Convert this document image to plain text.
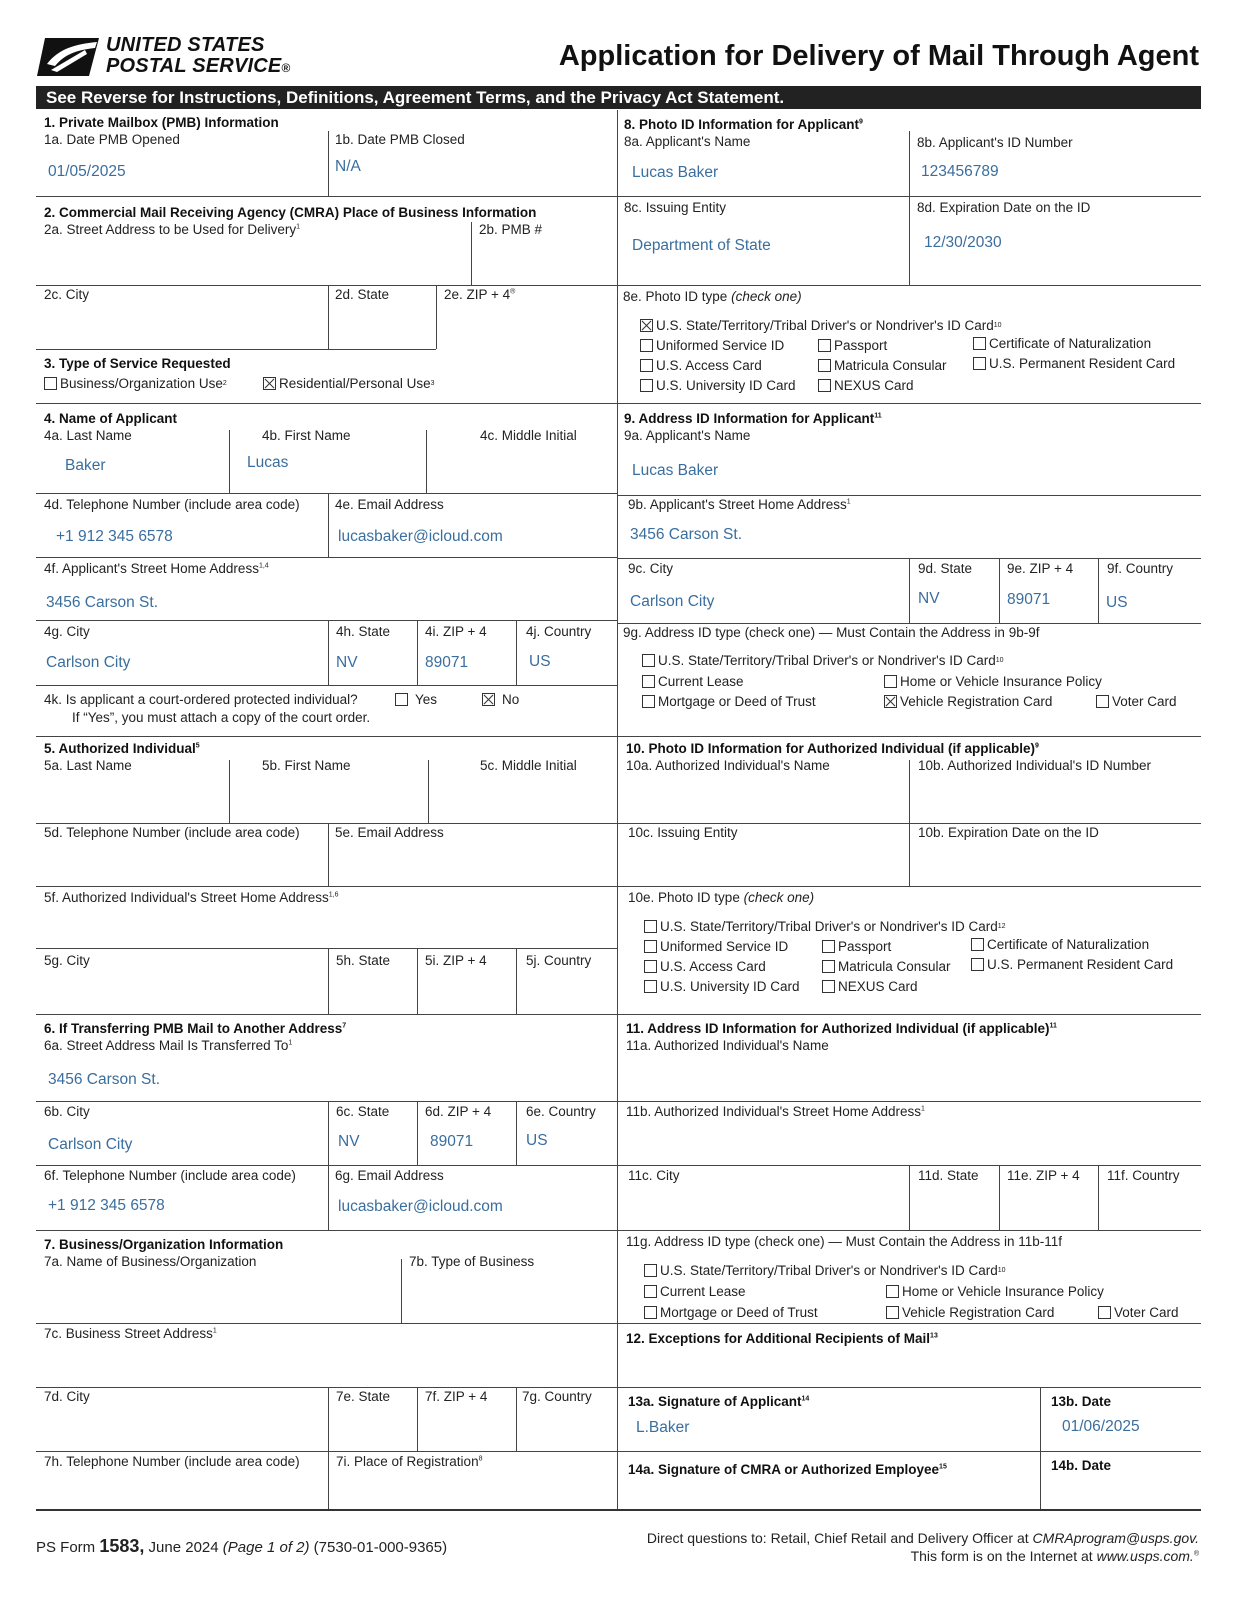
UNITED STATES
POSTAL SERVICE®	Application for Delivery of Mail Through Agent
See Reverse for Instructions, Definitions, Agreement Terms, and the Privacy Act Statement.
1. Private Mailbox (PMB) Information
1a. Date PMB Opened
01/05/2025
1b. Date PMB Closed
N/A
2. Commercial Mail Receiving Agency (CMRA) Place of Business Information
2a. Street Address to be Used for Delivery$^1$	2b. PMB #
2c. City	2d. State	2e. ZIP + 4®
3. Type of Service Requested
Business/Organization Use 2	Residential/Personal Use 3
4. Name of Applicant
4a. Last Name
Baker
4b. First Name
Lucas
4c. Middle Initial
4d. Telephone Number (include area code)
+1 912 345 6578
4e. Email Address
lucasbaker@icloud.com
4f. Applicant's Street Home Address$^{1,4}$
3456 Carson St.
4g. City
Carlson City
4h. State
NV
4i. ZIP + 4
89071
4j. Country
US
4k. Is applicant a court-ordered protected individual?	Yes	No
If “Yes”, you must attach a copy of the court order.
5. Authorized Individual$^5$
5a. Last Name	5b. First Name	5c. Middle Initial
5d. Telephone Number (include area code)	5e. Email Address
5f. Authorized Individual's Street Home Address$^{1,6}$
5g. City	5h. State	5i. ZIP + 4	5j. Country
6. If Transferring PMB Mail to Another Address$^7$
6a. Street Address Mail Is Transferred To$^1$
3456 Carson St.
6b. City
Carlson City
6c. State
NV
6d. ZIP + 4
89071
6e. Country
US
6f. Telephone Number (include area code)
+1 912 345 6578
6g. Email Address
lucasbaker@icloud.com
7. Business/Organization Information
7a. Name of Business/Organization	7b. Type of Business
7c. Business Street Address$^1$
7d. City	7e. State	7f. ZIP + 4	7g. Country
7h. Telephone Number (include area code)	7i. Place of Registration$^8$
8. Photo ID Information for Applicant$^9$
8a. Applicant's Name
Lucas Baker
8b. Applicant's ID Number
123456789
8c. Issuing Entity
Department of State
8d. Expiration Date on the ID
12/30/2030
8e. Photo ID type (check one)
U.S. State/Territory/Tribal Driver's or Nondriver's ID Card 10
Uniformed Service ID	Passport	Certificate of Naturalization
U.S. Access Card	Matricula Consular	U.S. Permanent Resident Card
U.S. University ID Card	NEXUS Card
9. Address ID Information for Applicant$^{11}$
9a. Applicant's Name
Lucas Baker
9b. Applicant's Street Home Address$^1$
3456 Carson St.
9c. City
Carlson City
9d. State
NV
9e. ZIP + 4
89071
9f. Country
US
9g. Address ID type (check one) — Must Contain the Address in 9b-9f
U.S. State/Territory/Tribal Driver's or Nondriver's ID Card 10
Current Lease	Home or Vehicle Insurance Policy
Mortgage or Deed of Trust	Vehicle Registration Card	Voter Card
10. Photo ID Information for Authorized Individual (if applicable)$^9$
10a. Authorized Individual's Name	10b. Authorized Individual's ID Number
10c. Issuing Entity	10b. Expiration Date on the ID
10e. Photo ID type (check one)
U.S. State/Territory/Tribal Driver's or Nondriver's ID Card 12
Uniformed Service ID	Passport	Certificate of Naturalization
U.S. Access Card	Matricula Consular	U.S. Permanent Resident Card
U.S. University ID Card	NEXUS Card
11. Address ID Information for Authorized Individual (if applicable)$^{11}$
11a. Authorized Individual's Name
11b. Authorized Individual's Street Home Address$^1$
11c. City	11d. State 11e. ZIP + 4 11f. Country
11g. Address ID type (check one) — Must Contain the Address in 11b-11f
U.S. State/Territory/Tribal Driver's or Nondriver's ID Card 10
Current Lease	Home or Vehicle Insurance Policy
Mortgage or Deed of Trust	Vehicle Registration Card	Voter Card
12. Exceptions for Additional Recipients of Mail$^{13}$
13a. Signature of Applicant$^{14}$
L.Baker
13b. Date
01/06/2025
14a. Signature of CMRA or Authorized Employee$^{15}$	14b. Date
PS Form 1583, June 2024 (Page 1 of 2) (7530-01-000-9365)
Direct questions to: Retail, Chief Retail and Delivery Officer at CMRAprogram@usps.gov.
This form is on the Internet at www.usps.com.®
